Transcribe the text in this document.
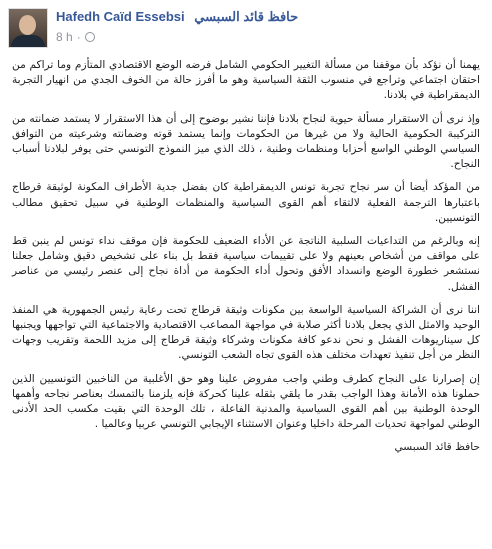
Hafedh Caïd Essebsi حافظ قائد السبسي
8 h ·

يهمنا أن نؤكد بأن موقفنا من مسألة التغيير الحكومي الشامل فرضه الوضع الاقتصادي المتأزم وما تراكم من احتقان اجتماعي وتراجع في منسوب الثقة السياسية وهو ما أفرز حالة من الخوف الجدي من انهيار التجربة الديمقراطية في بلادنا.

وإذ نرى أن الاستقرار مسألة حيوية لنجاح بلادنا فإننا نشير بوضوح إلى أن هذا الاستقرار لا يستمد ضمانته من التركيبة الحكومية الحالية ولا من غيرها من الحكومات وإنما يستمد قوته وضمانته وشرعيته من التوافق السياسي الوطني الواسع أحزابا ومنظمات وطنية ، ذلك الذي ميز النموذج التونسي حتى يوفر لبلادنا أسباب النجاح.

من المؤكد أيضا أن سر نجاح تجربة تونس الديمقراطية كان بفضل جدية الأطراف المكونة لوثيقة قرطاج باعتبارها الترجمة الفعلية لالتقاء أهم القوى السياسية والمنظمات الوطنية في سبيل تحقيق مطالب التونسيين.

إنه وبالرغم من التداعيات السلبية الناتجة عن الأداء الضعيف للحكومة فإن موقف نداء تونس لم ينبن قط على مواقف من أشخاص بعينهم ولا على تقييمات سياسية فقط بل بناء على تشخيص دقيق وشامل جعلنا نستشعر خطورة الوضع وانسداد الأفق وتحول أداء الحكومة من أداة نجاح إلى عنصر رئيسي من عناصر الفشل.

اننا نرى أن الشراكة السياسية الواسعة بين مكونات وثيقة قرطاج تحت رعاية رئيس الجمهورية هي المنفذ الوحيد والامثل الذي يجعل بلادنا أكثر صلابة في مواجهة المصاعب الاقتصادية والاجتماعية التي تواجهها ويجنبها كل سيناريوهات الفشل و نحن ندعو كافة مكونات وشركاء وثيقة قرطاج إلى مزيد اللحمة وتقريب وجهات النظر من أجل تنفيذ تعهدات مختلف هذه القوى تجاه الشعب التونسي.

إن إصرارنا على النجاح كطرف وطني واجب مفروض علينا وهو حق الأغلبية من الناخبين التونسيين الذين حملونا هذه الأمانة وهذا الواجب بقدر ما يلقي بثقله علينا كحركة فإنه يلزمنا بالتمسك بعناصر نجاحه وأهمها الوحدة الوطنية بين أهم القوى السياسية والمدنية الفاعلة ، تلك الوحدة التي بقيت مكسب الحد الأدنى الوطني لمواجهة تحديات المرحلة داخليا وعنوان الاستثناء الإيجابي التونسي عربيا وعالميا .

حافظ قائد السبسي
